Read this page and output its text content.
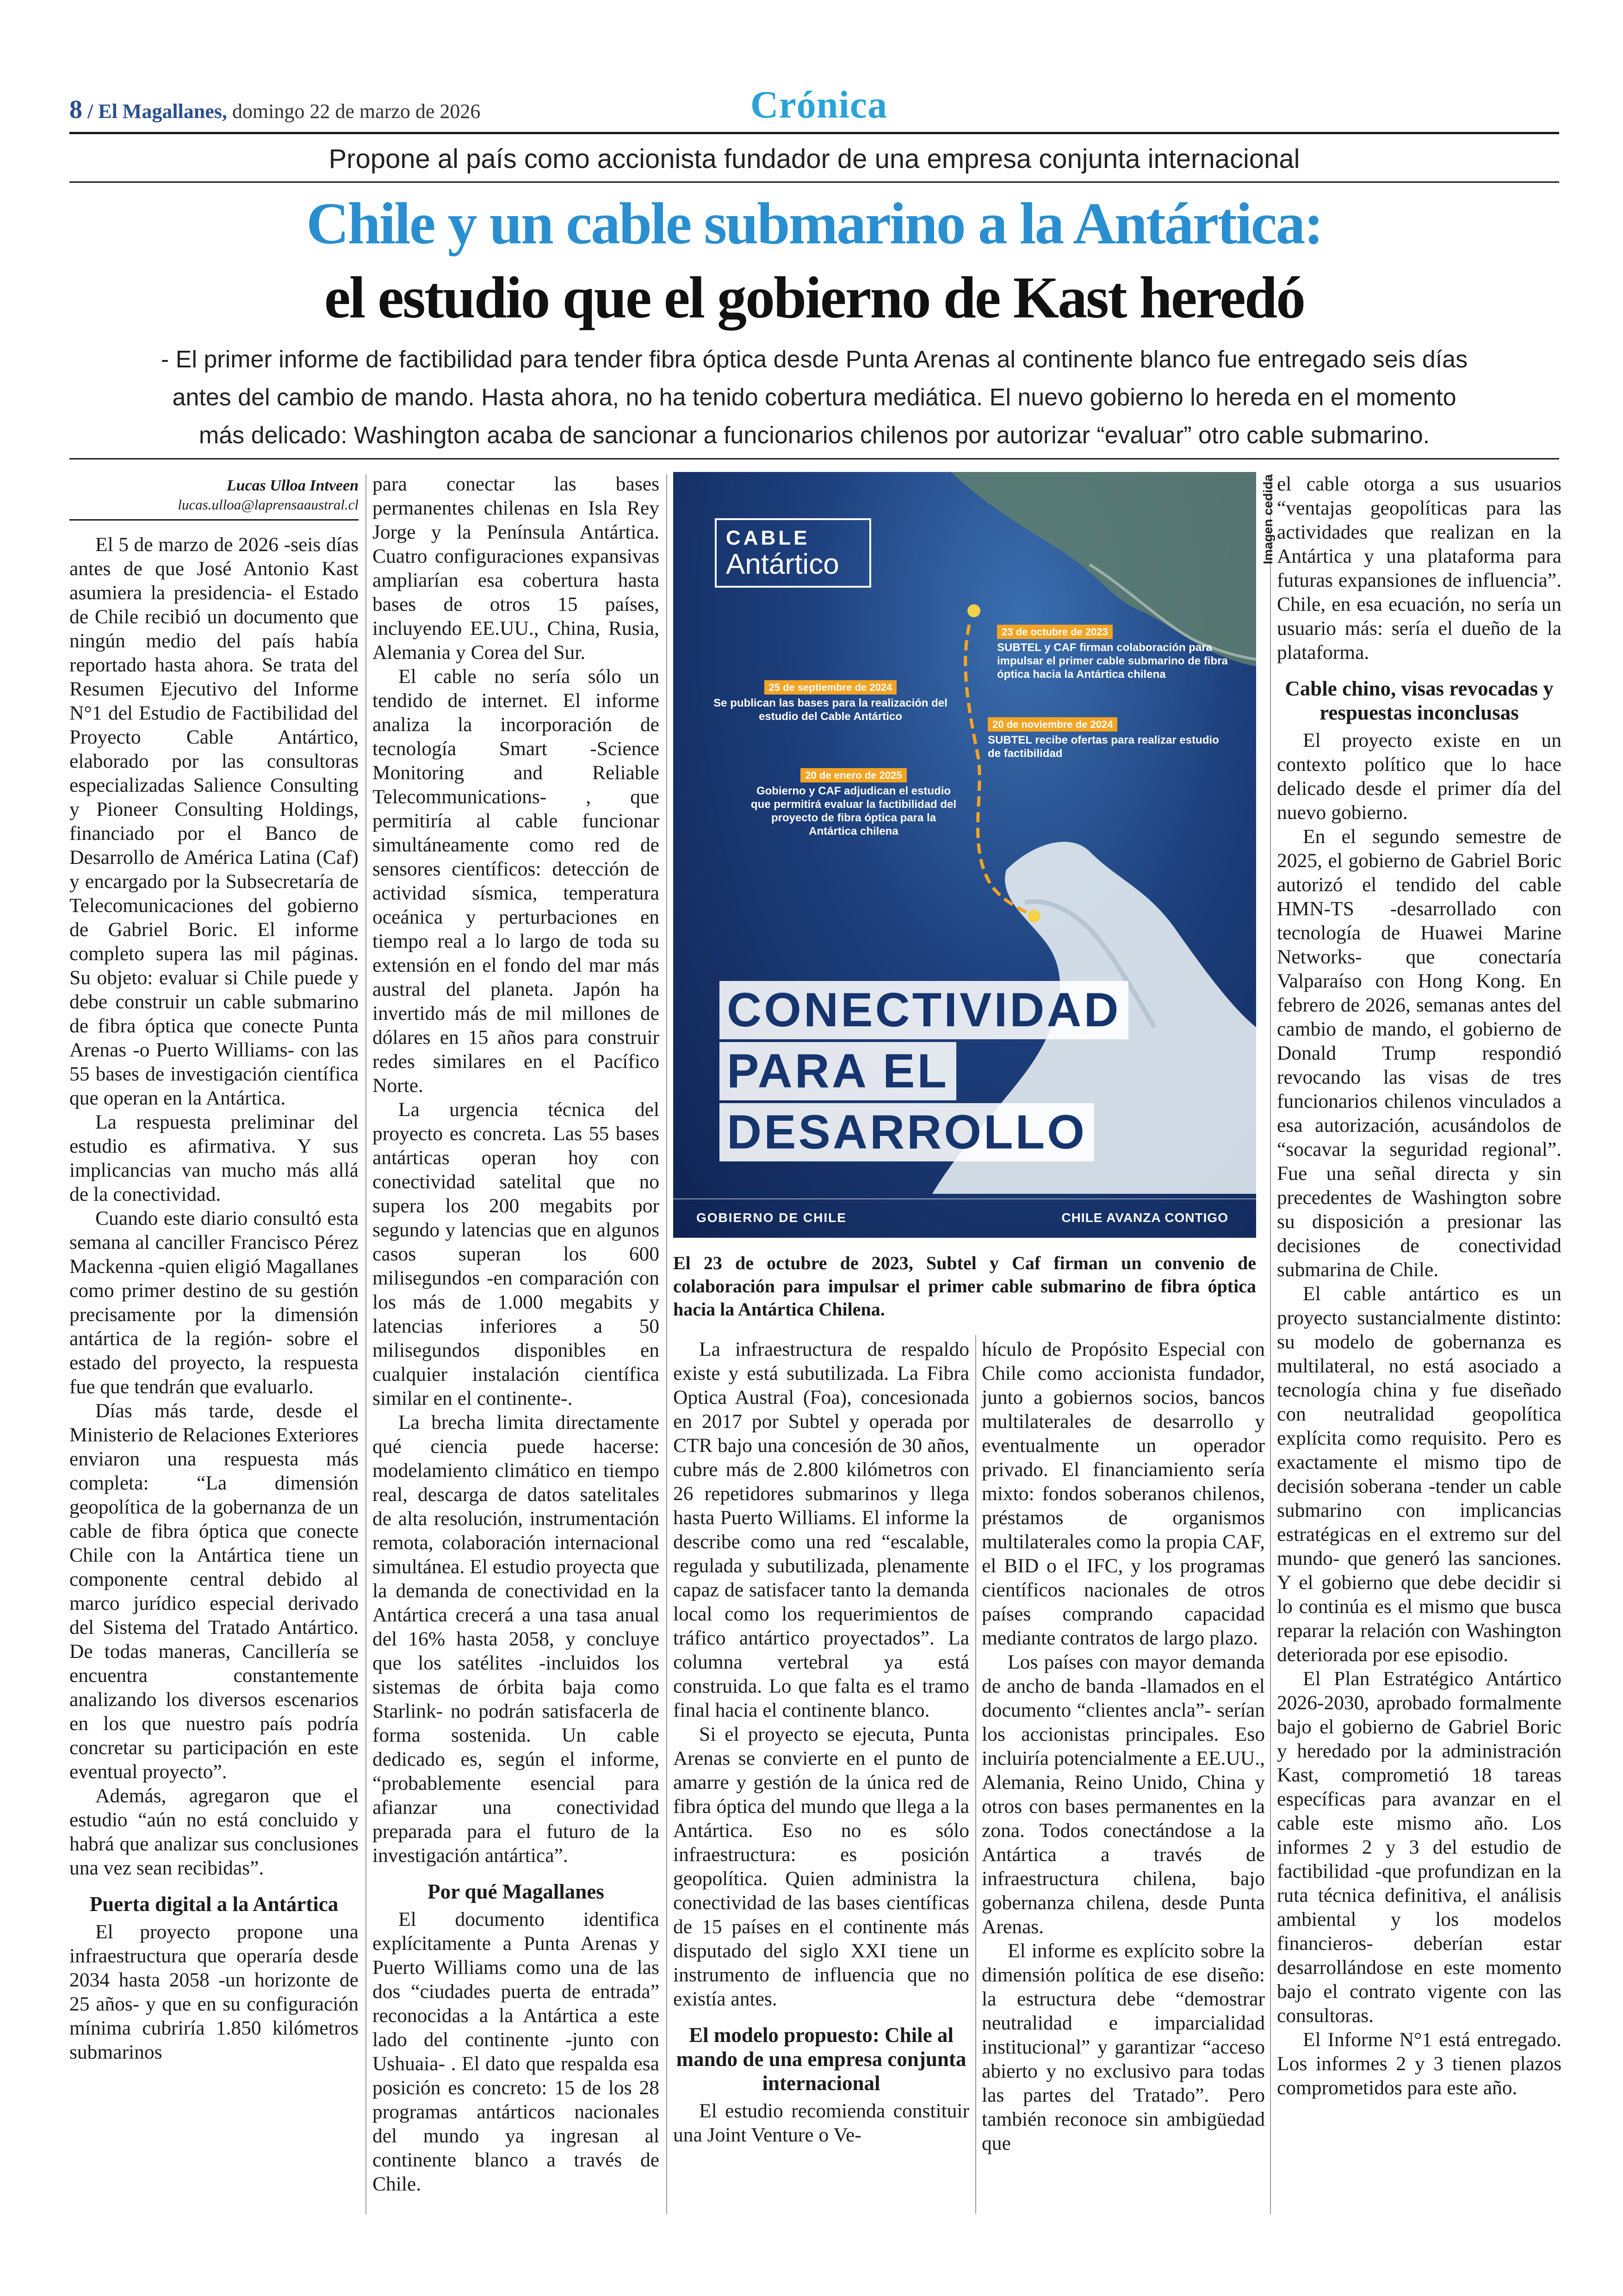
8 / El Magallanes, domingo 22 de marzo de 2026	Crónica
Propone al país como accionista fundador de una empresa conjunta internacional
Chile y un cable submarino a la Antártica:
el estudio que el gobierno de Kast heredó
- El primer informe de factibilidad para tender fibra óptica desde Punta Arenas al continente blanco fue entregado seis días
antes del cambio de mando. Hasta ahora, no ha tenido cobertura mediática. El nuevo gobierno lo hereda en el momento
más delicado: Washington acaba de sancionar a funcionarios chilenos por autorizar “evaluar” otro cable submarino.
Lucas Ulloa Intveen
lucas.ulloa@laprensaaustral.cl

El 5 de marzo de 2026 -seis días antes de que José Antonio Kast asumiera la presidencia- el Estado de Chile recibió un documento que ningún medio del país había reportado hasta ahora. Se trata del Resumen Ejecutivo del Informe N°1 del Estudio de Factibilidad del Proyecto Cable Antártico, elaborado por las consultoras especializadas Salience Consulting y Pioneer Consulting Holdings, financiado por el Banco de Desarrollo de América Latina (Caf) y encargado por la Subsecretaría de Telecomunicaciones del gobierno de Gabriel Boric. El informe completo supera las mil páginas. Su objeto: evaluar si Chile puede y debe construir un cable submarino de fibra óptica que conecte Punta Arenas -o Puerto Williams- con las 55 bases de investigación científica que operan en la Antártica.

La respuesta preliminar del estudio es afirmativa. Y sus implicancias van mucho más allá de la conectividad.

Cuando este diario consultó esta semana al canciller Francisco Pérez Mackenna -quien eligió Magallanes como primer destino de su gestión precisamente por la dimensión antártica de la región- sobre el estado del proyecto, la respuesta fue que tendrán que evaluarlo.

Días más tarde, desde el Ministerio de Relaciones Exteriores enviaron una respuesta más completa: “La dimensión geopolítica de la gobernanza de un cable de fibra óptica que conecte Chile con la Antártica tiene un componente central debido al marco jurídico especial derivado del Sistema del Tratado Antártico. De todas maneras, Cancillería se encuentra constantemente analizando los diversos escenarios en los que nuestro país podría concretar su participación en este eventual proyecto”.

Además, agregaron que el estudio “aún no está concluido y habrá que analizar sus conclusiones una vez sean recibidas”.

Puerta digital a la Antártica

El proyecto propone una infraestructura que operaría desde 2034 hasta 2058 -un horizonte de 25 años- y que en su configuración mínima cubriría 1.850 kilómetros submarinos

para conectar las bases permanentes chilenas en Isla Rey Jorge y la Península Antártica. Cuatro configuraciones expansivas ampliarían esa cobertura hasta bases de otros 15 países, incluyendo EE.UU., China, Rusia, Alemania y Corea del Sur.

El cable no sería sólo un tendido de internet. El informe analiza la incorporación de tecnología Smart -Science Monitoring and Reliable Telecommunications- , que permitiría al cable funcionar simultáneamente como red de sensores científicos: detección de actividad sísmica, temperatura oceánica y perturbaciones en tiempo real a lo largo de toda su extensión en el fondo del mar más austral del planeta. Japón ha invertido más de mil millones de dólares en 15 años para construir redes similares en el Pacífico Norte.

La urgencia técnica del proyecto es concreta. Las 55 bases antárticas operan hoy con conectividad satelital que no supera los 200 megabits por segundo y latencias que en algunos casos superan los 600 milisegundos -en comparación con los más de 1.000 megabits y latencias inferiores a 50 milisegundos disponibles en cualquier instalación científica similar en el continente-.

La brecha limita directamente qué ciencia puede hacerse: modelamiento climático en tiempo real, descarga de datos satelitales de alta resolución, instrumentación remota, colaboración internacional simultánea. El estudio proyecta que la demanda de conectividad en la Antártica crecerá a una tasa anual del 16% hasta 2058, y concluye que los satélites -incluidos los sistemas de órbita baja como Starlink- no podrán satisfacerla de forma sostenida. Un cable dedicado es, según el informe, “probablemente esencial para afianzar una conectividad preparada para el futuro de la investigación antártica”.

Por qué Magallanes

El documento identifica explícitamente a Punta Arenas y Puerto Williams como una de las dos “ciudades puerta de entrada” reconocidas a la Antártica a este lado del continente -junto con Ushuaia- . El dato que respalda esa posición es concreto: 15 de los 28 programas antárticos nacionales del mundo ya ingresan al continente blanco a través de Chile.

CABLE
Antártico
23 de octubre de 2023
SUBTEL y CAF firman colaboración para impulsar el primer cable submarino de fibra óptica hacia la Antártica chilena
25 de septiembre de 2024
Se publican las bases para la realización del estudio del Cable Antártico
20 de noviembre de 2024
SUBTEL recibe ofertas para realizar estudio de factibilidad
20 de enero de 2025
Gobierno y CAF adjudican el estudio que permitirá evaluar la factibilidad del proyecto de fibra óptica para la Antártica chilena
CONECTIVIDAD
PARA EL
DESARROLLO
GOBIERNO DE CHILE	CHILE AVANZA CONTIGO
Imagen cedida
El 23 de octubre de 2023, Subtel y Caf firman un convenio de colaboración para impulsar el primer cable submarino de fibra óptica hacia la Antártica Chilena.

La infraestructura de respaldo existe y está subutilizada. La Fibra Optica Austral (Foa), concesionada en 2017 por Subtel y operada por CTR bajo una concesión de 30 años, cubre más de 2.800 kilómetros con 26 repetidores submarinos y llega hasta Puerto Williams. El informe la describe como una red “escalable, regulada y subutilizada, plenamente capaz de satisfacer tanto la demanda local como los requerimientos de tráfico antártico proyectados”. La columna vertebral ya está construida. Lo que falta es el tramo final hacia el continente blanco.

Si el proyecto se ejecuta, Punta Arenas se convierte en el punto de amarre y gestión de la única red de fibra óptica del mundo que llega a la Antártica. Eso no es sólo infraestructura: es posición geopolítica. Quien administra la conectividad de las bases científicas de 15 países en el continente más disputado del siglo XXI tiene un instrumento de influencia que no existía antes.

El modelo propuesto: Chile al mando de una empresa conjunta internacional

El estudio recomienda constituir una Joint Venture o Ve-

hículo de Propósito Especial con Chile como accionista fundador, junto a gobiernos socios, bancos multilaterales de desarrollo y eventualmente un operador privado. El financiamiento sería mixto: fondos soberanos chilenos, préstamos de organismos multilaterales como la propia CAF, el BID o el IFC, y los programas científicos nacionales de otros países comprando capacidad mediante contratos de largo plazo.

Los países con mayor demanda de ancho de banda -llamados en el documento “clientes ancla”- serían los accionistas principales. Eso incluiría potencialmente a EE.UU., Alemania, Reino Unido, China y otros con bases permanentes en la zona. Todos conectándose a la Antártica a través de infraestructura chilena, bajo gobernanza chilena, desde Punta Arenas.

El informe es explícito sobre la dimensión política de ese diseño: la estructura debe “demostrar neutralidad e imparcialidad institucional” y garantizar “acceso abierto y no exclusivo para todas las partes del Tratado”. Pero también reconoce sin ambigüedad que

el cable otorga a sus usuarios “ventajas geopolíticas para las actividades que realizan en la Antártica y una plataforma para futuras expansiones de influencia”. Chile, en esa ecuación, no sería un usuario más: sería el dueño de la plataforma.

Cable chino, visas revocadas y respuestas inconclusas

El proyecto existe en un contexto político que lo hace delicado desde el primer día del nuevo gobierno.

En el segundo semestre de 2025, el gobierno de Gabriel Boric autorizó el tendido del cable HMN-TS -desarrollado con tecnología de Huawei Marine Networks- que conectaría Valparaíso con Hong Kong. En febrero de 2026, semanas antes del cambio de mando, el gobierno de Donald Trump respondió revocando las visas de tres funcionarios chilenos vinculados a esa autorización, acusándolos de “socavar la seguridad regional”. Fue una señal directa y sin precedentes de Washington sobre su disposición a presionar las decisiones de conectividad submarina de Chile.

El cable antártico es un proyecto sustancialmente distinto: su modelo de gobernanza es multilateral, no está asociado a tecnología china y fue diseñado con neutralidad geopolítica explícita como requisito. Pero es exactamente el mismo tipo de decisión soberana -tender un cable submarino con implicancias estratégicas en el extremo sur del mundo- que generó las sanciones. Y el gobierno que debe decidir si lo continúa es el mismo que busca reparar la relación con Washington deteriorada por ese episodio.

El Plan Estratégico Antártico 2026-2030, aprobado formalmente bajo el gobierno de Gabriel Boric y heredado por la administración Kast, comprometió 18 tareas específicas para avanzar en el cable este mismo año. Los informes 2 y 3 del estudio de factibilidad -que profundizan en la ruta técnica definitiva, el análisis ambiental y los modelos financieros- deberían estar desarrollándose en este momento bajo el contrato vigente con las consultoras.

El Informe N°1 está entregado. Los informes 2 y 3 tienen plazos comprometidos para este año.
